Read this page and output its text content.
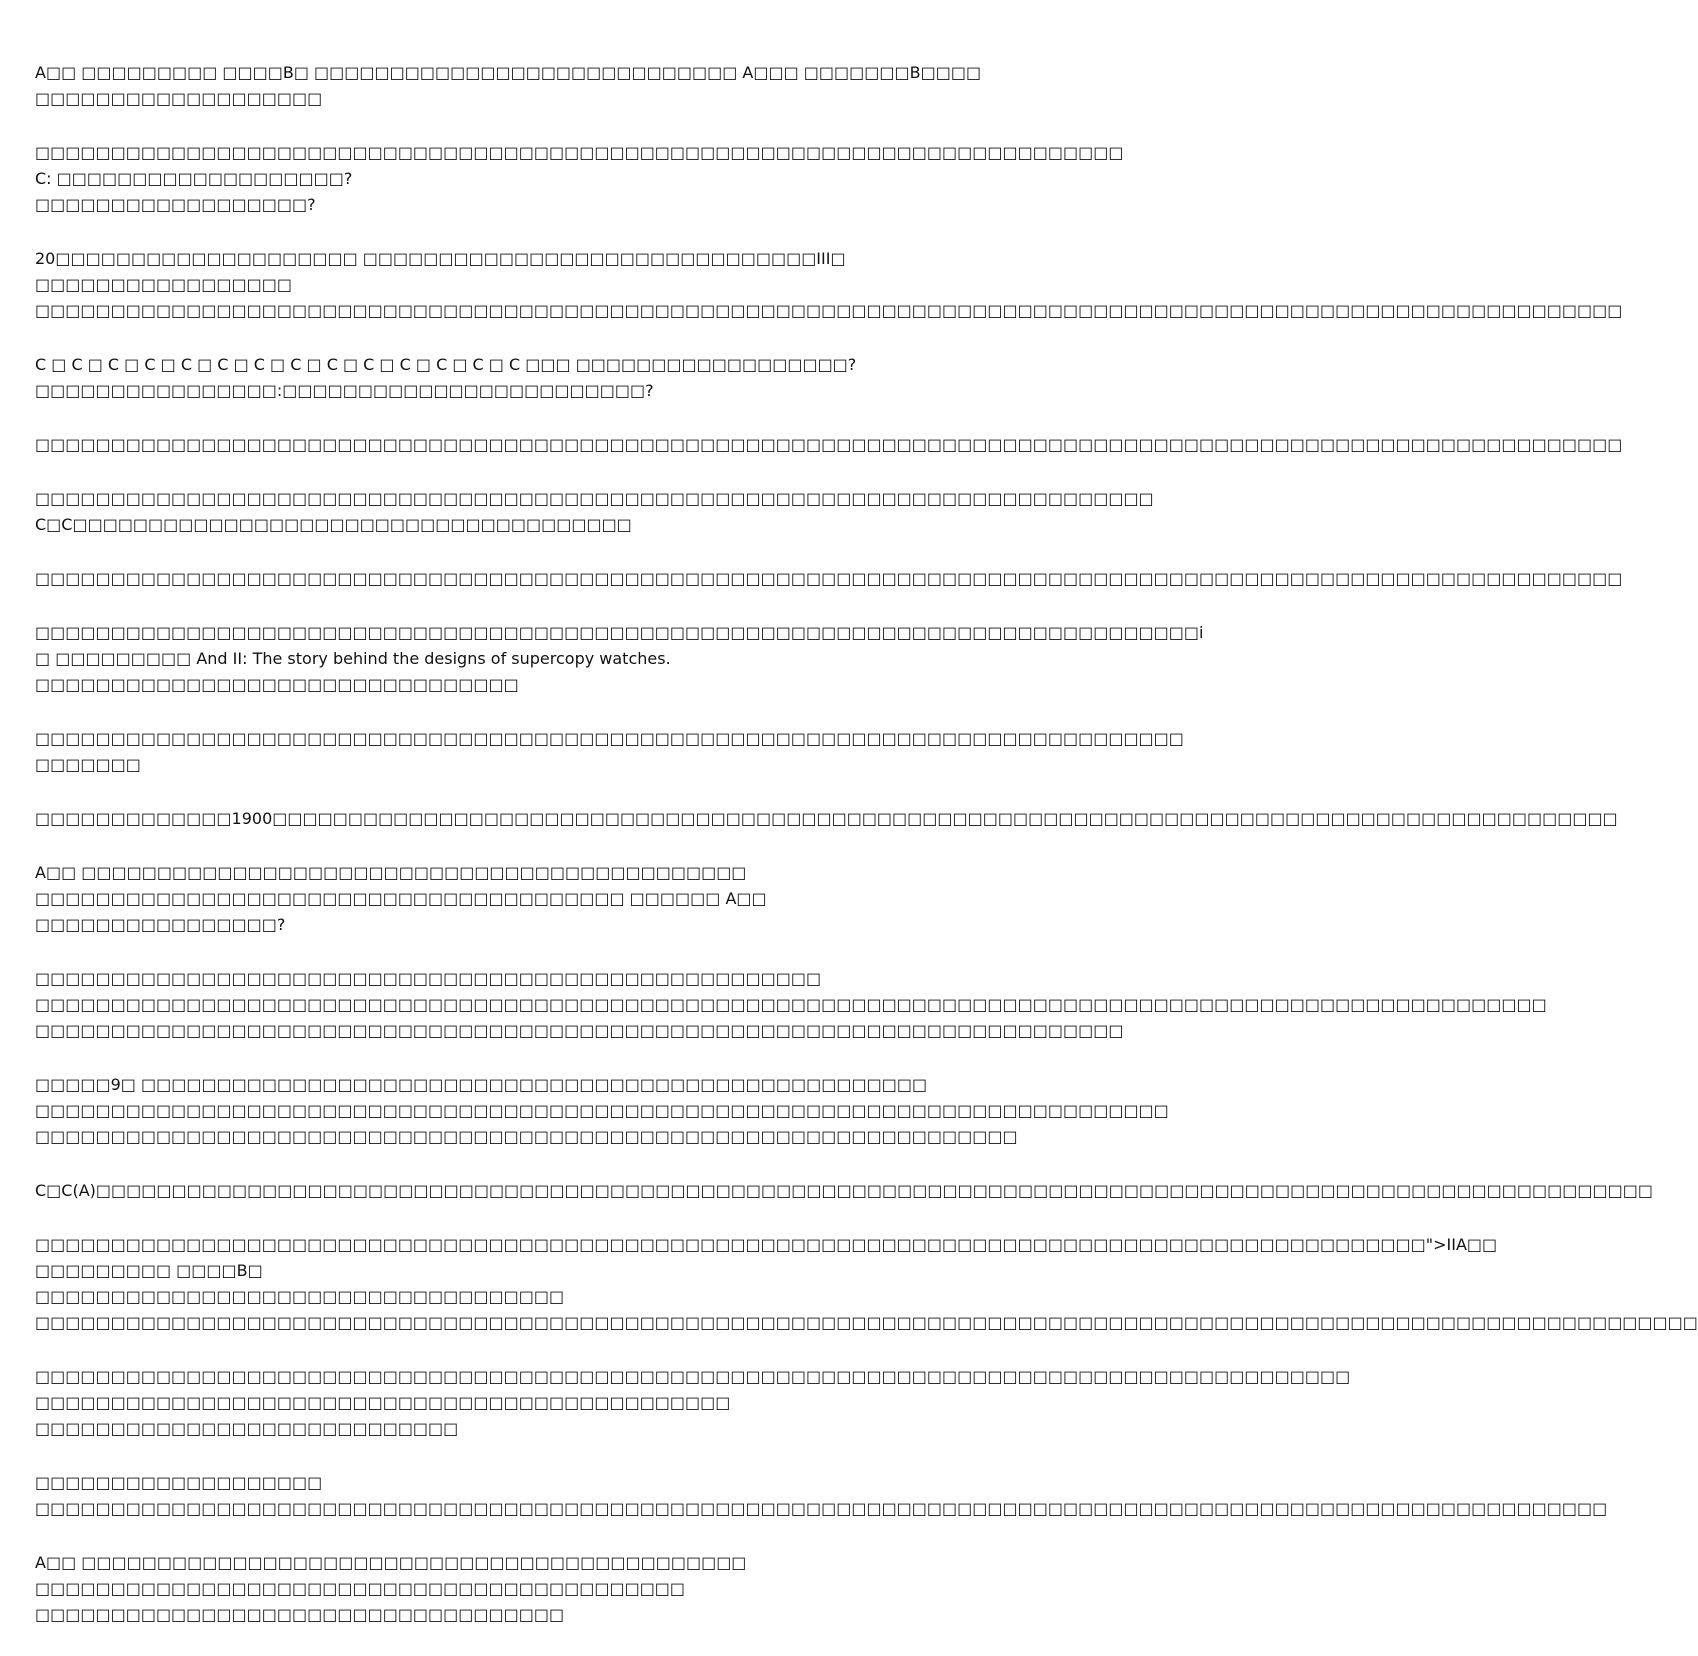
A□□ □□□□□□□□□ □□□□B□ □□□□□□□□□□□□□□□□□□□□□□□□□□□□ A□□□ □□□□□□□B□□□□ □□□□□□□□□□□□□□□□□□□

□□□□□□□□□□□□□□□□□□□□□□□□□□□□□□□□□□□□□□□□□□□□□□□□□□□□□□□□□□□□□□□□□□□□□□□□ C: □□□□□□□□□□□□□□□□□□□?
□□□□□□□□□□□□□□□□□□?

20□□□□□□□□□□□□□□□□□□□□ □□□□□□□□□□□□□□□□□□□□□□□□□□□□□□III□ □□□□□□□□□□□□□□□□□
□□□□□□□□□□□□□□□□□□□□□□□□□□□□□□□□□□□□□□□□□□□□□□□□□□□□□□□□□□□□□□□□□□□□□□□□□□□□□□□□□□□□□□□□□□□□□□□□□□□□□□□□□

C □ C □ C □ C □ C □ C □ C □ C □ C □ C □ C □ C □ C □ C □□□ □□□□□□□□□□□□□□□□□□?
□□□□□□□□□□□□□□□□:□□□□□□□□□□□□□□□□□□□□□□□□?

□□□□□□□□□□□□□□□□□□□□□□□□□□□□□□□□□□□□□□□□□□□□□□□□□□□□□□□□□□□□□□□□□□□□□□□□□□□□□□□□□□□□□□□□□□□□□□□□□□□□□□□□□

□□□□□□□□□□□□□□□□□□□□□□□□□□□□□□□□□□□□□□□□□□□□□□□□□□□□□□□□□□□□□□□□□□□□□□□□□□ C□C□□□□□□□□□□□□□□□□□□□□□□□□□□□□□□□□□□□□□

□□□□□□□□□□□□□□□□□□□□□□□□□□□□□□□□□□□□□□□□□□□□□□□□□□□□□□□□□□□□□□□□□□□□□□□□□□□□□□□□□□□□□□□□□□□□□□□□□□□□□□□□□

□□□□□□□□□□□□□□□□□□□□□□□□□□□□□□□□□□□□□□□□□□□□□□□□□□□□□□□□□□□□□□□□□□□□□□□□□□□□□i □ □□□□□□□□□ And II: The story behind the designs of supercopy watches. □□□□□□□□□□□□□□□□□□□□□□□□□□□□□□□□

□□□□□□□□□□□□□□□□□□□□□□□□□□□□□□□□□□□□□□□□□□□□□□□□□□□□□□□□□□□□□□□□□□□□□□□□□□□□ □□□□□□□

□□□□□□□□□□□□□1900□□□□□□□□□□□□□□□□□□□□□□□□□□□□□□□□□□□□□□□□□□□□□□□□□□□□□□□□□□□□□□□□□□□□□□□□□□□□□□□□□□□□□□□□□

A□□ □□□□□□□□□□□□□□□□□□□□□□□□□□□□□□□□□□□□□□□□□□□□ □□□□□□□□□□□□□□□□□□□□□□□□□□□□□□□□□□□□□□□ □□□□□□ A□□
□□□□□□□□□□□□□□□□?

□□□□□□□□□□□□□□□□□□□□□□□□□□□□□□□□□□□□□□□□□□□□□□□□□□□□
□□□□□□□□□□□□□□□□□□□□□□□□□□□□□□□□□□□□□□□□□□□□□□□□□□□□□□□□□□□□□□□□□□□□□□□□□□□□□□□□□□□□□□□□□□□□□□□□□□□□
□□□□□□□□□□□□□□□□□□□□□□□□□□□□□□□□□□□□□□□□□□□□□□□□□□□□□□□□□□□□□□□□□□□□□□□□

□□□□□9□ □□□□□□□□□□□□□□□□□□□□□□□□□□□□□□□□□□□□□□□□□□□□□□□□□□□□
□□□□□□□□□□□□□□□□□□□□□□□□□□□□□□□□□□□□□□□□□□□□□□□□□□□□□□□□□□□□□□□□□□□□□□□□□□□
□□□□□□□□□□□□□□□□□□□□□□□□□□□□□□□□□□□□□□□□□□□□□□□□□□□□□□□□□□□□□□□□□

C□C(A)□□□□□□□□□□□□□□□□□□□□□□□□□□□□□□□□□□□□□□□□□□□□□□□□□□□□□□□□□□□□□□□□□□□□□□□□□□□□□□□□□□□□□□□□□□□□□□□□□□□□□□□

□□□□□□□□□□□□□□□□□□□□□□□□□□□□□□□□□□□□□□□□□□□□□□□□□□□□□□□□□□□□□□□□□□□□□□□□□□□□□□□□□□□□□□□□□□□□">IIA□□ □□□□□□□□□ □□□□B□
□□□□□□□□□□□□□□□□□□□□□□□□□□□□□□□□□□□
□□□□□□□□□□□□□□□□□□□□□□□□□□□□□□□□□□□□□□□□□□□□□□□□□□□□□□□□□□□□□□□□□□□□□□□□□□□□□□□□□□□□□□□□□□□□□□□□□□□□□□□□□□□□□□

□□□□□□□□□□□□□□□□□□□□□□□□□□□□□□□□□□□□□□□□□□□□□□□□□□□□□□□□□□□□□□□□□□□□□□□□□□□□□□□□□□□□□□□
□□□□□□□□□□□□□□□□□□□□□□□□□□□□□□□□□□□□□□□□□□□□□□ □□□□□□□□□□□□□□□□□□□□□□□□□□□□

□□□□□□□□□□□□□□□□□□□
□□□□□□□□□□□□□□□□□□□□□□□□□□□□□□□□□□□□□□□□□□□□□□□□□□□□□□□□□□□□□□□□□□□□□□□□□□□□□□□□□□□□□□□□□□□□□□□□□□□□□□□□

A□□ □□□□□□□□□□□□□□□□□□□□□□□□□□□□□□□□□□□□□□□□□□□□ □□□□□□□□□□□□□□□□□□□□□□□□□□□□□□□□□□□□□□□□□□□
□□□□□□□□□□□□□□□□□□□□□□□□□□□□□□□□□□□
